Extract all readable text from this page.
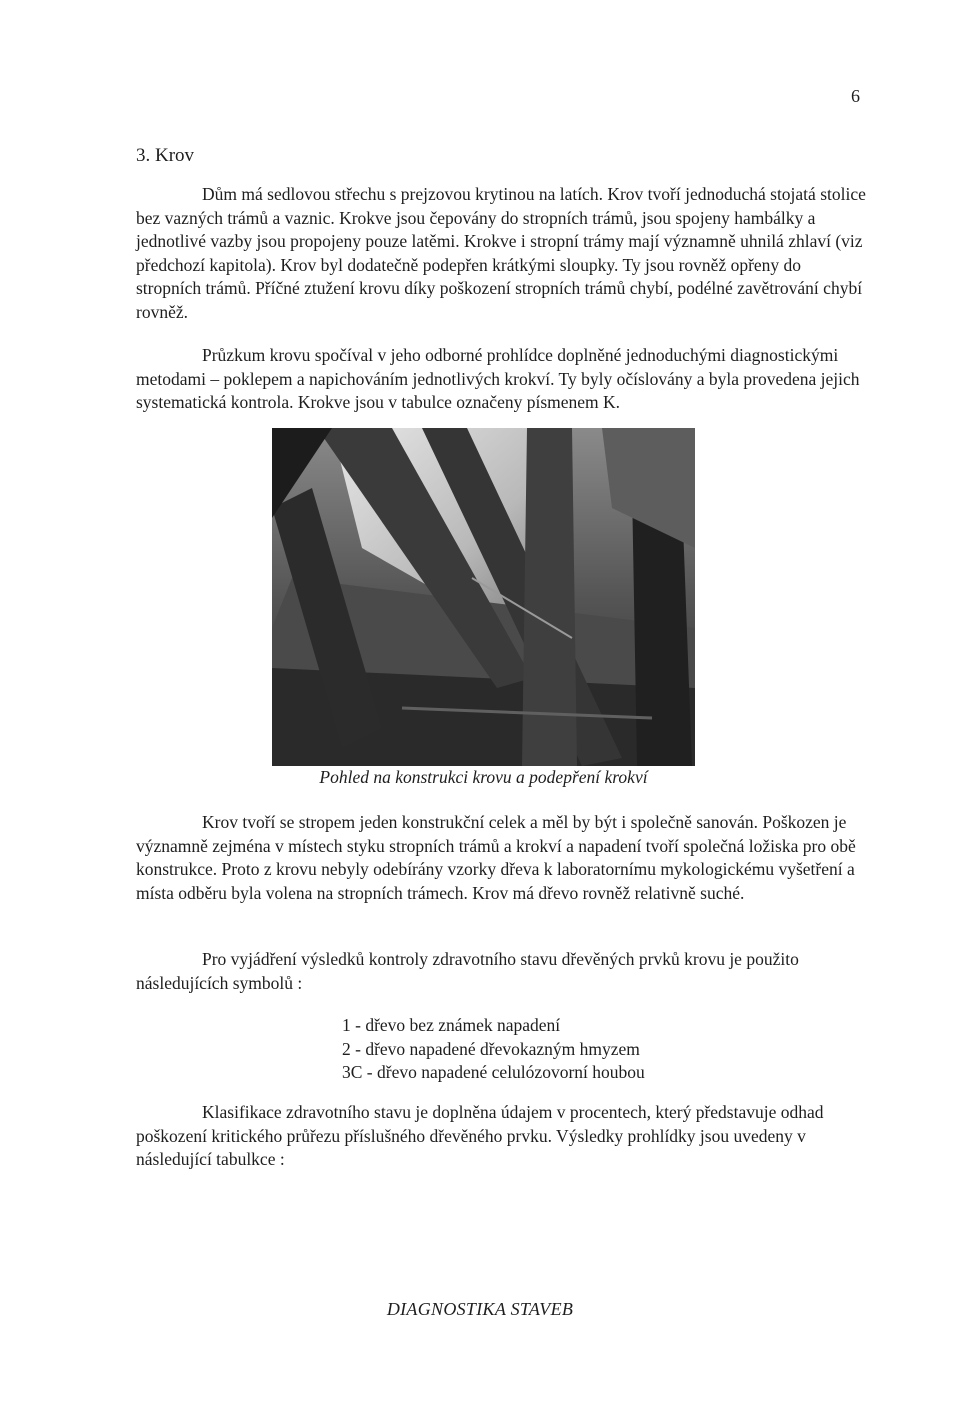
6
3. Krov

Dům má sedlovou střechu s prejzovou krytinou na latích. Krov tvoří jednoduchá stojatá stolice bez vazných trámů a vaznic. Krokve jsou čepovány do stropních trámů, jsou spojeny hambálky a jednotlivé vazby jsou propojeny pouze latěmi. Krokve i stropní trámy mají významně uhnilá zhlaví (viz předchozí kapitola). Krov byl dodatečně podepřen krátkými sloupky. Ty jsou rovněž opřeny do stropních trámů. Příčné ztužení krovu díky poškození stropních trámů chybí, podélné zavětrování chybí rovněž.

Průzkum krovu spočíval v jeho odborné prohlídce doplněné jednoduchými diagnostickými metodami – poklepem a napichováním jednotlivých krokví. Ty byly očíslovány a byla provedena jejich systematická kontrola. Krokve jsou v tabulce označeny písmenem K.

Pohled na konstrukci krovu a podepření krokví

Krov tvoří se stropem jeden konstrukční celek a měl by být i společně sanován. Poškozen je významně zejména v místech styku stropních trámů a krokví a napadení tvoří společná ložiska pro obě konstrukce. Proto z krovu nebyly odebírány vzorky dřeva k laboratornímu mykologickému vyšetření a místa odběru byla volena na stropních trámech. Krov má dřevo rovněž relativně suché.

Pro vyjádření výsledků kontroly zdravotního stavu dřevěných prvků krovu je použito následujících symbolů :

1 - dřevo bez známek napadení
2 - dřevo napadené dřevokazným hmyzem
3C - dřevo napadené celulózovorní houbou

Klasifikace zdravotního stavu je doplněna údajem v procentech, který představuje odhad poškození kritického průřezu příslušného dřevěného prvku. Výsledky prohlídky jsou uvedeny v následující tabulkce :

DIAGNOSTIKA STAVEB
